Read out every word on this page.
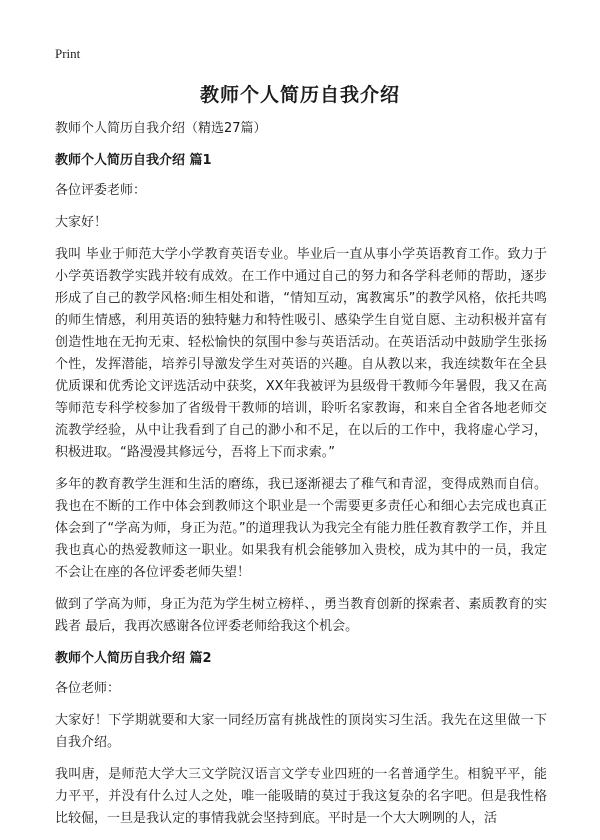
Print
教师个人简历自我介绍

教师个人简历自我介绍（精选27篇）

教师个人简历自我介绍 篇1

各位评委老师：

大家好！

我叫 毕业于师范大学小学教育英语专业。毕业后一直从事小学英语教育工作。致力于小学英语教学实践并较有成效。在工作中通过自己的努力和各学科老师的帮助，逐步形成了自己的教学风格:师生相处和谐，“情知互动，寓教寓乐”的教学风格，依托共鸣的师生情感，利用英语的独特魅力和特性吸引、感染学生自觉自愿、主动积极并富有创造性地在无拘无束、轻松愉快的氛围中参与英语活动。在英语活动中鼓励学生张扬个性，发挥潜能，培养引导激发学生对英语的兴趣。自从教以来，我连续数年在全县优质课和优秀论文评选活动中获奖，XX年我被评为县级骨干教师今年暑假，我又在高等师范专科学校参加了省级骨干教师的培训，聆听名家教诲，和来自全省各地老师交流教学经验，从中让我看到了自己的渺小和不足，在以后的工作中，我将虚心学习，积极进取。“路漫漫其修远兮，吾将上下而求索。”

多年的教育教学生涯和生活的磨练，我已逐渐褪去了稚气和青涩，变得成熟而自信。我也在不断的工作中体会到教师这个职业是一个需要更多责任心和细心去完成也真正体会到了“学高为师，身正为范。”的道理我认为我完全有能力胜任教育教学工作，并且我也真心的热爱教师这一职业。如果我有机会能够加入贵校，成为其中的一员，我定不会让在座的各位评委老师失望！

做到了学高为师，身正为范为学生树立榜样、，勇当教育创新的探索者、素质教育的实践者 最后，我再次感谢各位评委老师给我这个机会。

教师个人简历自我介绍 篇2

各位老师：

大家好！下学期就要和大家一同经历富有挑战性的顶岗实习生活。我先在这里做一下自我介绍。

我叫唐，是师范大学大三文学院汉语言文学专业四班的一名普通学生。相貌平平，能力平平，并没有什么过人之处，唯一能吸睛的莫过于我这复杂的名字吧。但是我性格比较倔，一旦是我认定的事情我就会坚持到底。平时是一个大大咧咧的人，活
